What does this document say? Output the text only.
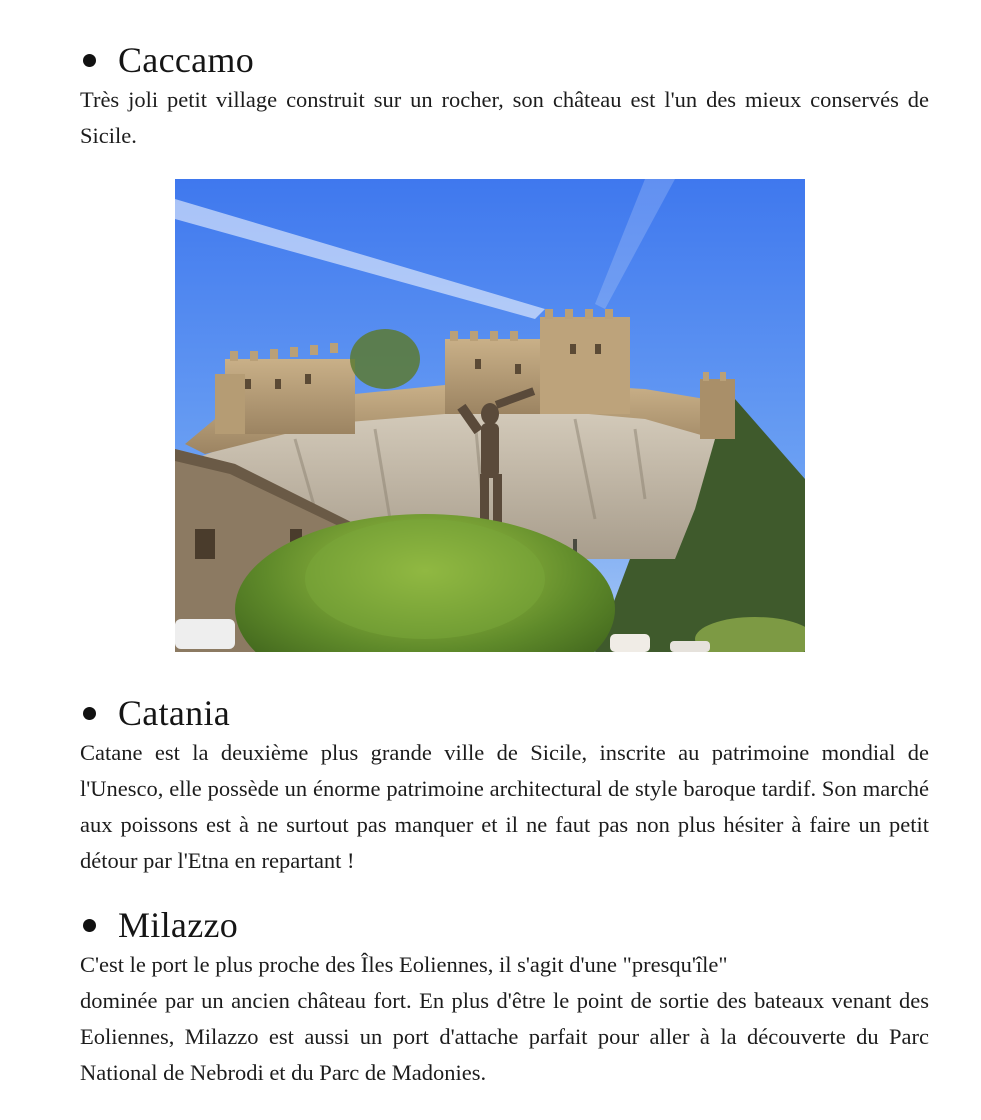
Caccamo

Très joli petit village construit sur un rocher, son château est l'un des mieux conservés de Sicile.

Catania

Catane est la deuxième plus grande ville de Sicile, inscrite au patrimoine mondial de l'Unesco, elle possède un énorme patrimoine architectural de style baroque tardif. Son marché aux poissons est à ne surtout pas manquer et il ne faut pas non plus hésiter à faire un petit détour par l'Etna en repartant !

Milazzo

C'est le port le plus proche des Îles Eoliennes, il s'agit d'une "presqu'île"

dominée par un ancien château fort. En plus d'être le point de sortie des bateaux venant des Eoliennes, Milazzo est aussi un port d'attache parfait pour aller à la découverte du Parc National de Nebrodi et du Parc de Madonies.
